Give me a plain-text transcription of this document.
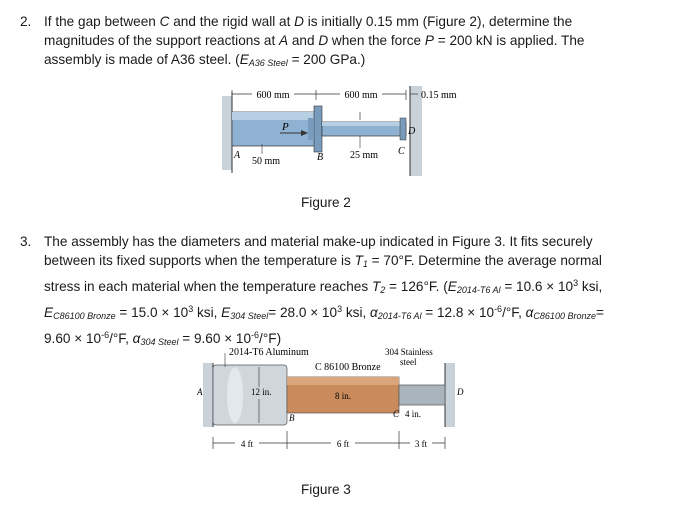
2. If the gap between C and the rigid wall at D is initially 0.15 mm (Figure 2), determine the
magnitudes of the support reactions at A and D when the force P = 200 kN is applied. The
assembly is made of A36 steel. ($E_{A36 Steel} = 200$ GPa.)
600 mm	600 mm	0.15 mm
P
A	B
C
D
50 mm
25 mm
Figure 2
3. The assembly has the diameters and material make-up indicated in Figure 3. It fits securely
between its fixed supports when the temperature is $T_1 = 70^\circ F$. Determine the average normal
stress in each material when the temperature reaches $T_2 = 126^\circ F$. ($E_{2014-T6 Al} = 10.6 \times 10^3$ ksi,
$E_{C86100 Bronze} = 15.0 \times 10^3$ ksi, $E_{304 Steel}= 28.0 \times 10^3$ ksi, $\alpha_{2014-T6 Al} = 12.8 \times 10^{-6}/^\circ F$, $\alpha_{C86100 Bronze}=$
$9.60 \times 10^{-6}/^\circ F$, $\alpha_{304 Steel} = 9.60 \times 10^{-6}/^\circ F$)
2014-T6 Aluminum
C 86100 Bronze
304 Stainless
steel
A
B	C
D
12 in.	8 in.
4 in.
4 ft	6 ft	3 ft
Figure 3
